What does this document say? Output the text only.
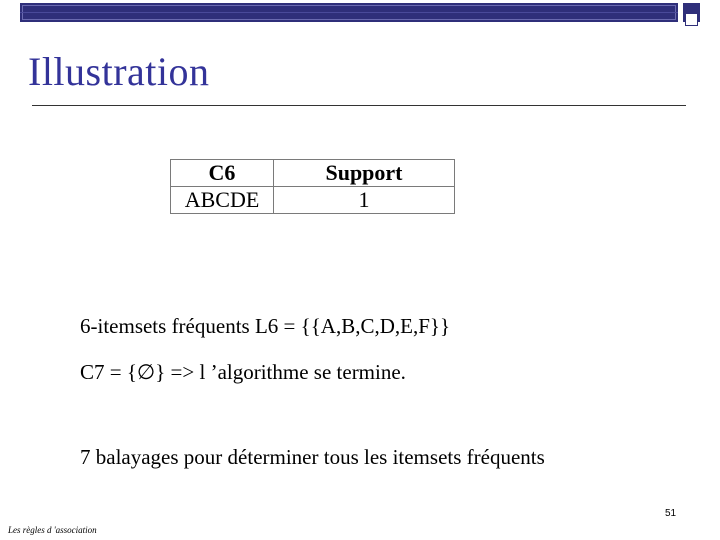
Illustration
C6	Support
ABCDE	1
6-itemsets fréquents L6 = {{A,B,C,D,E,F}}
C7 = {∅} => l ’algorithme se termine.
7 balayages pour déterminer tous les itemsets fréquents
51
Les règles d 'association
